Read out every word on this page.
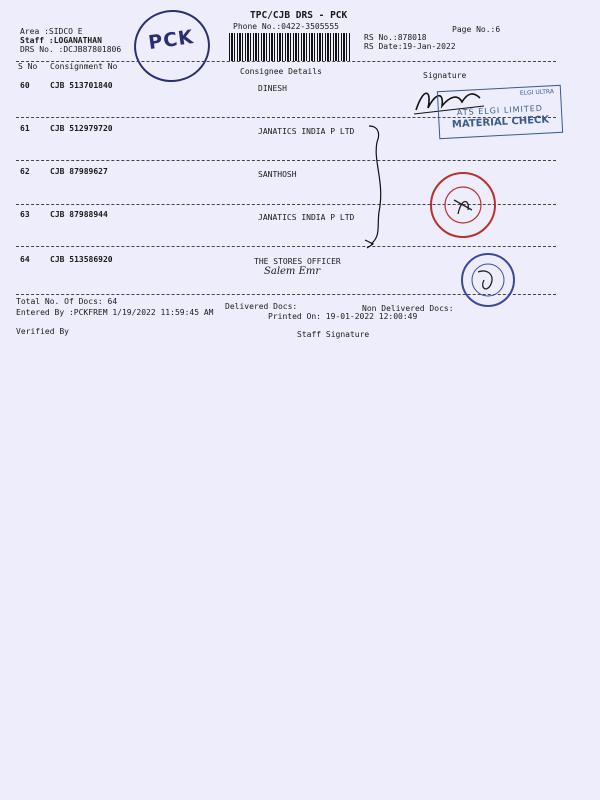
Area :SIDCO E
Staff :LOGANATHAN
DRS No. :DCJB87801806
TPC/CJB DRS - PCK
Phone No.:0422-3505555	Page No.:6
RS No.:878018
RS Date:19-Jan-2022
PCK
S No Consignment No
Consignee Details	Signature
60	CJB 513701840	DINESH
61	CJB 512979720	JANATICS INDIA P LTD
62	CJB 87989627	SANTHOSH
63	CJB 87988944	JANATICS INDIA P LTD
64	CJB 513586920	THE STORES OFFICER
ELGI ULTRA
ATS ELGI LIMITED
MATERIAL CHECK
Salem Emr
Total No. Of Docs: 64
Delivered Docs:	Non Delivered Docs:
Entered By :PCKFREM 1/19/2022 11:59:45 AM	Printed On: 19-01-2022 12:00:49
Verified By	Staff Signature
